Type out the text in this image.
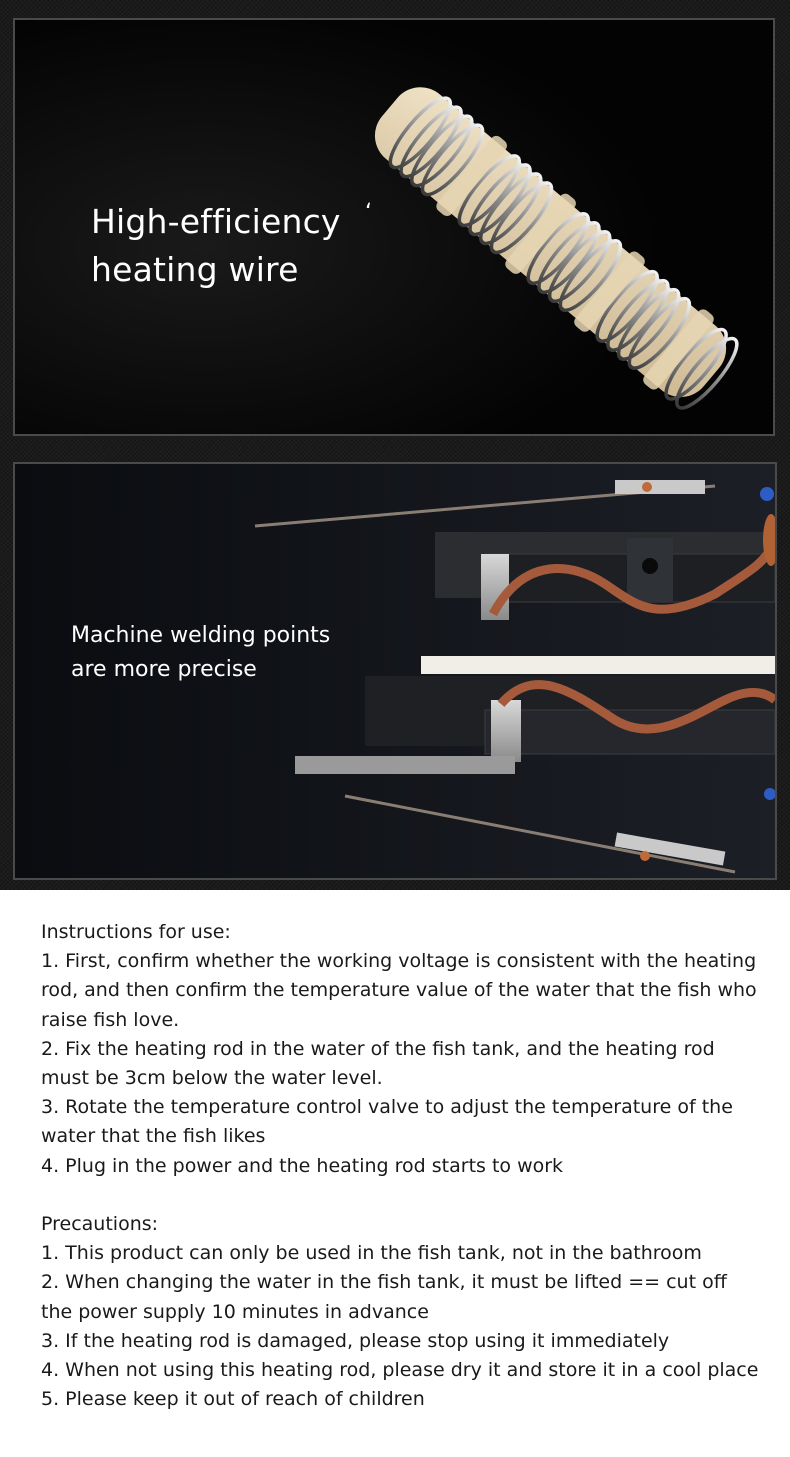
High-efficiency heating wire

ʻ

Machine welding points
are more precise

Instructions for use:

1. First, confirm whether the working voltage is consistent with the heating rod, and then confirm the temperature value of the water that the fish who raise fish love.

2. Fix the heating rod in the water of the fish tank, and the heating rod must be 3cm below the water level.

3. Rotate the temperature control valve to adjust the temperature of the water that the fish likes

4. Plug in the power and the heating rod starts to work

Precautions:

1. This product can only be used in the fish tank, not in the bathroom

2. When changing the water in the fish tank, it must be lifted == cut off the power supply 10 minutes in advance

3. If the heating rod is damaged, please stop using it immediately

4. When not using this heating rod, please dry it and store it in a cool place

5. Please keep it out of reach of children
